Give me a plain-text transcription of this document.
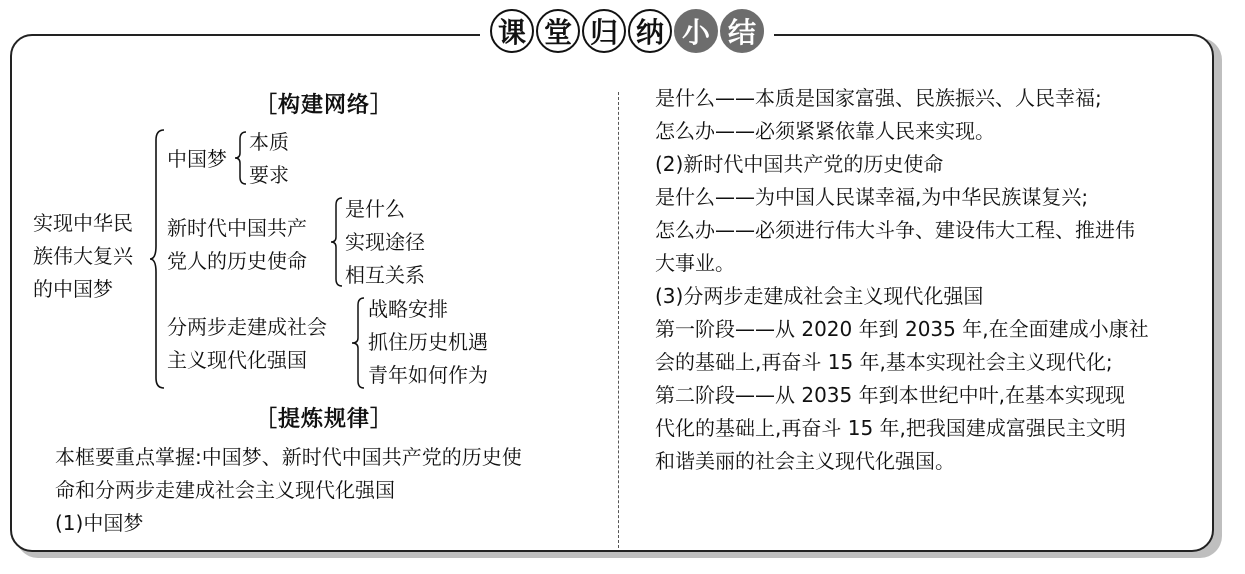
课 堂 归 纳 小 结
［构建网络］
实现中华民
族伟大复兴
的中国梦
中国梦
本质
要求
新时代中国共产
党人的历史使命
是什么
实现途径
相互关系
分两步走建成社会
主义现代化强国
战略安排
抓住历史机遇
青年如何作为
［提炼规律］
本框要重点掌握:中国梦、新时代中国共产党的历史使
命和分两步走建成社会主义现代化强国
(1)中国梦
是什么——本质是国家富强、民族振兴、人民幸福;
怎么办——必须紧紧依靠人民来实现。
(2)新时代中国共产党的历史使命
是什么——为中国人民谋幸福,为中华民族谋复兴;
怎么办——必须进行伟大斗争、建设伟大工程、推进伟
大事业。
(3)分两步走建成社会主义现代化强国
第一阶段——从 2020 年到 2035 年,在全面建成小康社
会的基础上,再奋斗 15 年,基本实现社会主义现代化;
第二阶段——从 2035 年到本世纪中叶,在基本实现现
代化的基础上,再奋斗 15 年,把我国建成富强民主文明
和谐美丽的社会主义现代化强国。
